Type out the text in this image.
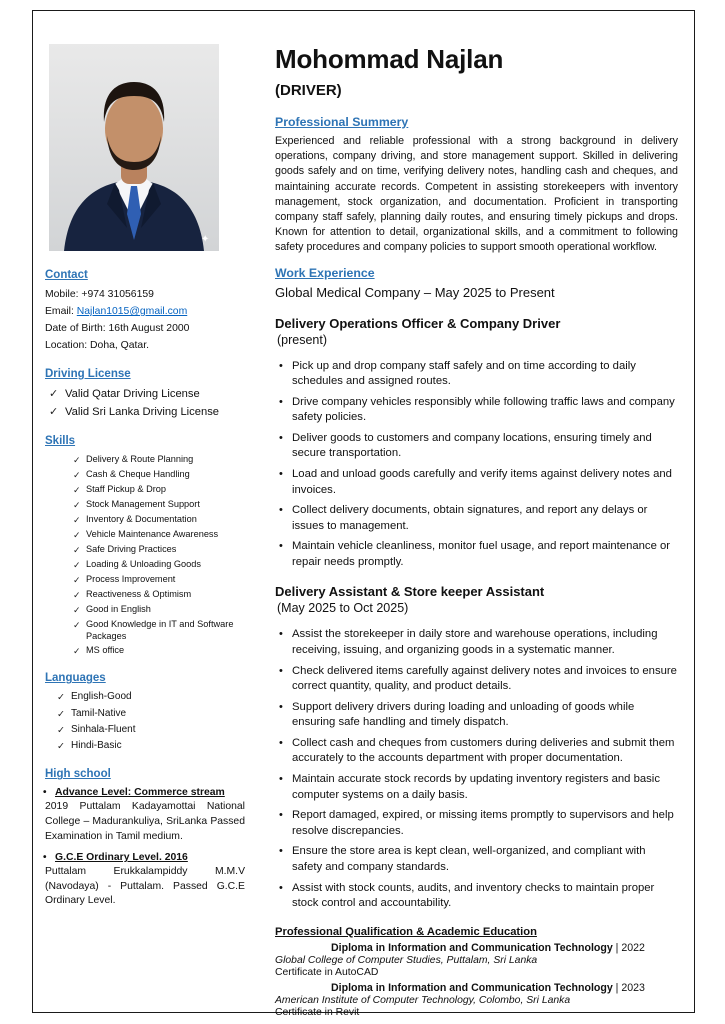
✦
Contact

Mobile: +974 31056159

Email: Najlan1015@gmail.com

Date of Birth: 16th August 2000

Location: Doha, Qatar.

Driving License
✓ Valid Qatar Driving License
✓ Valid Sri Lanka Driving License
Skills
✓ Delivery & Route Planning
✓ Cash & Cheque Handling
✓ Staff Pickup & Drop
✓ Stock Management Support
✓ Inventory & Documentation
✓ Vehicle Maintenance Awareness
✓ Safe Driving Practices
✓ Loading & Unloading Goods
✓ Process Improvement
✓ Reactiveness & Optimism
✓ Good in English
✓ Good Knowledge in IT and Software Packages
✓ MS office
Languages
✓ English-Good
✓ Tamil-Native
✓ Sinhala-Fluent
✓ Hindi-Basic
High school
• Advance Level: Commerce stream
2019 Puttalam Kadayamottai National College – Madurankuliya, SriLanka Passed Examination in Tamil medium.
• G.C.E Ordinary Level. 2016
Puttalam Erukkalampiddy M.M.V (Navodaya) - Puttalam. Passed G.C.E Ordinary Level.
Mohommad Najlan
(DRIVER)
Professional Summery

Experienced and reliable professional with a strong background in delivery operations, company driving, and store management support. Skilled in delivering goods safely and on time, verifying delivery notes, handling cash and cheques, and maintaining accurate records. Competent in assisting storekeepers with inventory management, stock organization, and documentation. Proficient in transporting company staff safely, planning daily routes, and ensuring timely pickups and drops. Known for attention to detail, organizational skills, and a commitment to following safety procedures and company policies to support smooth operational workflow.

Work Experience
Global Medical Company – May 2025 to Present
Delivery Operations Officer & Company Driver
(present)
• Pick up and drop company staff safely and on time according to daily schedules and assigned routes.
• Drive company vehicles responsibly while following traffic laws and company safety policies.
• Deliver goods to customers and company locations, ensuring timely and secure transportation.
• Load and unload goods carefully and verify items against delivery notes and invoices.
• Collect delivery documents, obtain signatures, and report any delays or issues to management.
• Maintain vehicle cleanliness, monitor fuel usage, and report maintenance or repair needs promptly.
Delivery Assistant & Store keeper Assistant
(May 2025 to Oct 2025)
• Assist the storekeeper in daily store and warehouse operations, including receiving, issuing, and organizing goods in a systematic manner.
• Check delivered items carefully against delivery notes and invoices to ensure correct quantity, quality, and product details.
• Support delivery drivers during loading and unloading of goods while ensuring safe handling and timely dispatch.
• Collect cash and cheques from customers during deliveries and submit them accurately to the accounts department with proper documentation.
• Maintain accurate stock records by updating inventory registers and basic computer systems on a daily basis.
• Report damaged, expired, or missing items promptly to supervisors and help resolve discrepancies.
• Ensure the store area is kept clean, well-organized, and compliant with safety and company standards.
• Assist with stock counts, audits, and inventory checks to maintain proper stock control and accountability.
Professional Qualification & Academic Education
Diploma in Information and Communication Technology | 2022
Global College of Computer Studies, Puttalam, Sri Lanka
Certificate in AutoCAD
Diploma in Information and Communication Technology | 2023
American Institute of Computer Technology, Colombo, Sri Lanka
Certificate in Revit
